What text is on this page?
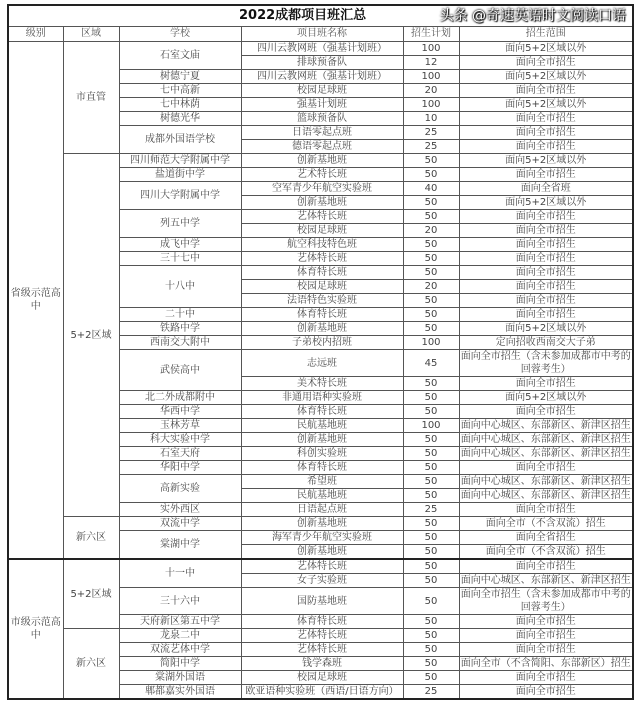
2022成都项目班汇总					
级别	区域	学校	项目班名称	招生计划	招生范围
省级示范高中	市直管	石室文庙	四川云教网班（强基计划班）	100	面向5+2区域以外
			排球预备队	12	面向全市招生
		树德宁夏	四川云教网班（强基计划班）	100	面向5+2区域以外
		七中高新	校园足球班	20	面向全市招生
		七中林荫	强基计划班	100	面向5+2区域以外
		树德光华	篮球预备队	10	面向全市招生
		成都外国语学校	日语零起点班	25	面向全市招生
			德语零起点班	25	面向全市招生
	5+2区域	四川师范大学附属中学	创新基地班	50	面向5+2区域以外
		盐道街中学	艺术特长班	50	面向全市招生
		四川大学附属中学	空军青少年航空实验班	40	面向全省班
			创新基地班	50	面向5+2区域以外
		列五中学	艺体特长班	50	面向全市招生
			校园足球班	20	面向全市招生
		成飞中学	航空科技特色班	50	面向全市招生
		三十七中	艺体特长班	50	面向全市招生
		十八中	体育特长班	50	面向全市招生
			校园足球班	20	面向全市招生
			法语特色实验班	50	面向全市招生
		二十中	体育特长班	50	面向全市招生
		铁路中学	创新基地班	50	面向5+2区域以外
		西南交大附中	子弟校内招班	100	定向招收西南交大子弟
		武侯高中	志远班	45	面向全市招生（含未参加成都市中考的回蓉考生）
			美术特长班	50	面向全市招生
		北二外成都附中	非通用语种实验班	50	面向5+2区域以外
		华西中学	体育特长班	50	面向全市招生
		玉林芳草	民航基地班	100	面向中心城区、东部新区、新津区招生
		科大实验中学	创新基地班	50	面向中心城区、东部新区、新津区招生
		石室天府	科创实验班	50	面向中心城区、东部新区、新津区招生
		华阳中学	体育特长班	50	面向全市招生
		高新实验	希望班	50	面向中心城区、东部新区、新津区招生
			民航基地班	50	面向中心城区、东部新区、新津区招生
		实外西区	日语起点班	25	面向全市招生
	新六区	双流中学	创新基地班	50	面向全市（不含双流）招生
		棠湖中学	海军青少年航空实验班	50	面向全省招生
			创新基地班	50	面向全市（不含双流）招生
市级示范高中	5+2区域	十一中	艺体特长班	50	面向全市招生
			女子实验班	50	面向中心城区、东部新区、新津区招生
		三十六中	国防基地班	50	面向全市招生（含未参加成都市中考的回蓉考生）
		天府新区第五中学	体育特长班	50	面向全市招生
	新六区	龙泉二中	艺体特长班	50	面向全市招生
		双流艺体中学	艺体特长班	50	面向全市招生
		简阳中学	钱学森班	50	面向全市（不含简阳、东部新区）招生
		棠湖外国语	校园足球班	50	面向全市招生
		郫都嘉实外国语	欧亚语种实验班（西语/日语方向）	25	面向全市招生
头条 @奇速英语时文阅读口语
